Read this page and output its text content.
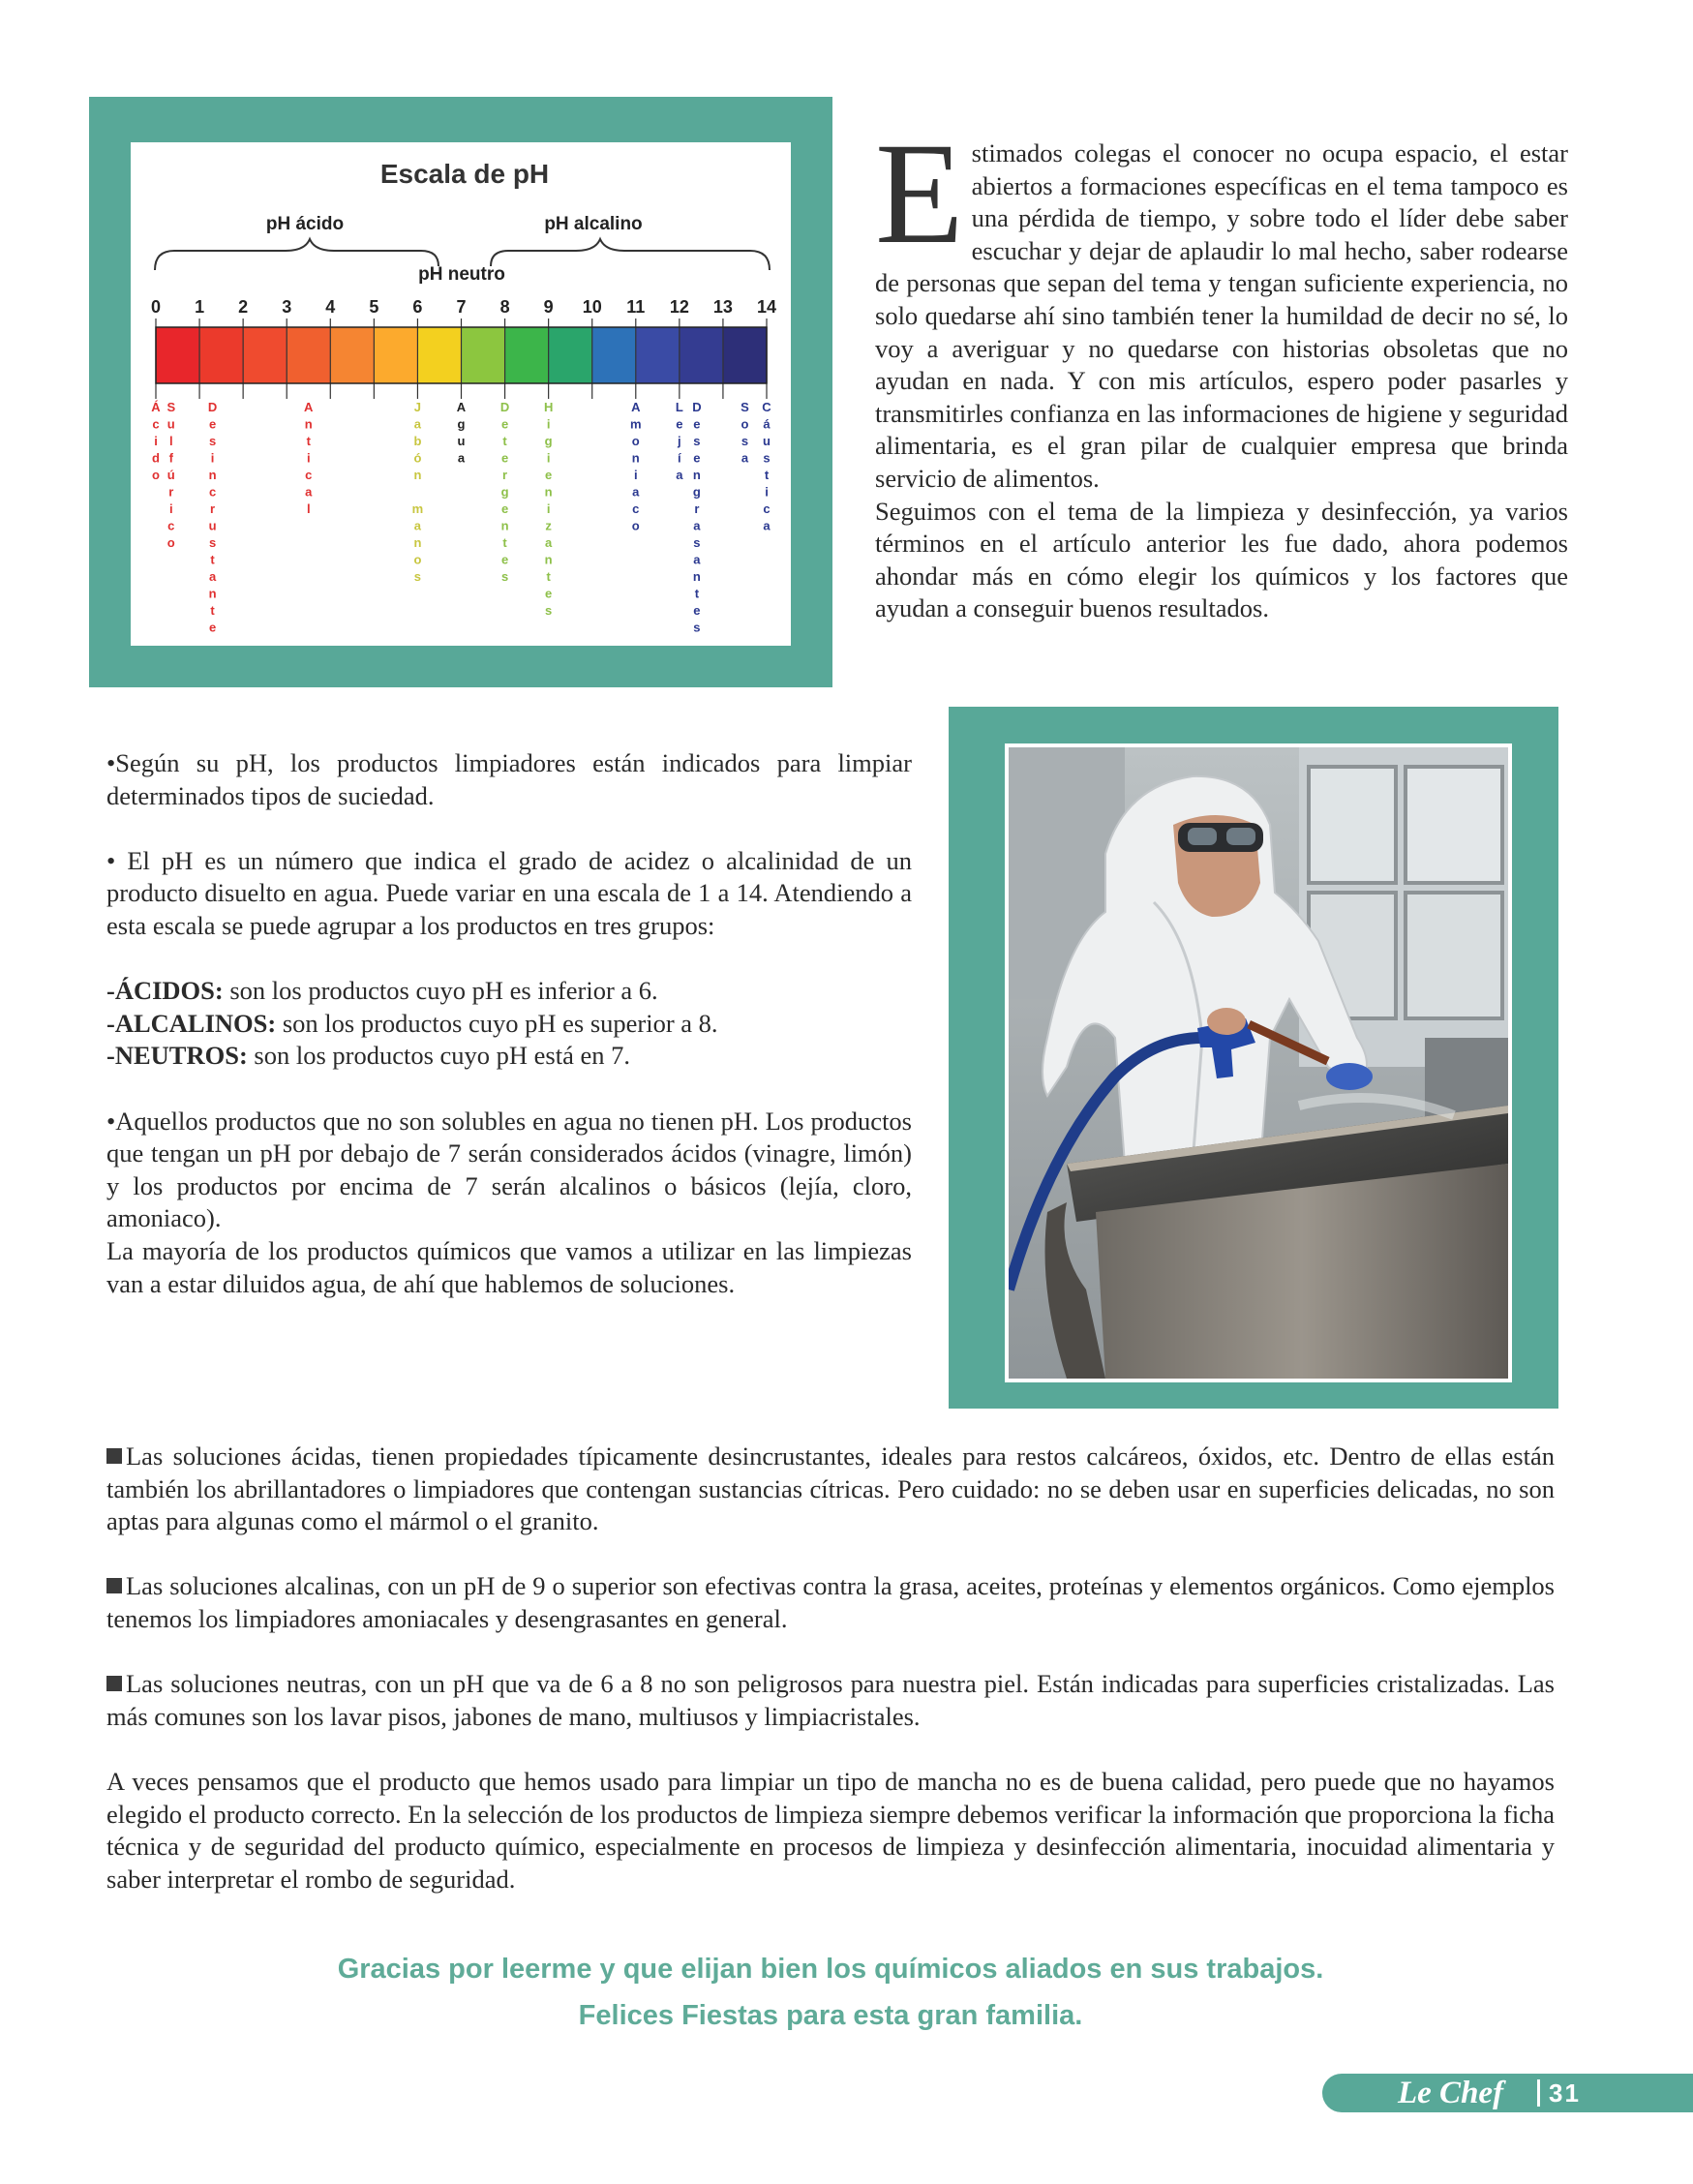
Escala de pH
pH ácido	pH alcalino
pH neutro
0 1 2 3 4 5 6 7 8 9 10 11 12 13 14
Á c i d o
S u l f ú r i c o
D e s i n c r u s t a n t e
A n t i c a l
J a b ó n m a n o s
A g u a
D e t e r g e n t e s
H i g i e n i z a n t e s
A m o n i a c o
L e j í a
D e s e n g r a s a n t e s
S o s a
C á u s t i c a

Estimados colegas el conocer no ocupa espacio, el estar abiertos a formaciones específicas en el tema tampoco es una pérdida de tiempo, y sobre todo el líder debe saber escuchar y dejar de aplaudir lo mal hecho, saber rodearse de personas que sepan del tema y tengan suficiente experiencia, no solo quedarse ahí sino también tener la humildad de decir no sé, lo voy a averiguar y no quedarse con historias obsoletas que no ayudan en nada. Y con mis artículos, espero poder pasarles y transmitirles confianza en las informaciones de higiene y seguridad alimentaria, es el gran pilar de cualquier empresa que brinda servicio de alimentos.

Seguimos con el tema de la limpieza y desinfección, ya varios términos en el artículo anterior les fue dado, ahora podemos ahondar más en cómo elegir los químicos y los factores que ayudan a conseguir buenos resultados.

•Según su pH, los productos limpiadores están indicados para limpiar determinados tipos de suciedad.

• El pH es un número que indica el grado de acidez o alcalinidad de un producto disuelto en agua. Puede variar en una escala de 1 a 14. Atendiendo a esta escala se puede agrupar a los productos en tres grupos:

-ÁCIDOS: son los productos cuyo pH es inferior a 6.

-ALCALINOS: son los productos cuyo pH es superior a 8.

-NEUTROS: son los productos cuyo pH está en 7.

•Aquellos productos que no son solubles en agua no tienen pH. Los productos que tengan un pH por debajo de 7 serán considerados ácidos (vinagre, limón) y los productos por encima de 7 serán alcalinos o básicos (lejía, cloro, amoniaco).

La mayoría de los productos químicos que vamos a utilizar en las limpiezas van a estar diluidos agua, de ahí que hablemos de soluciones.

Las soluciones ácidas, tienen propiedades típicamente desincrustantes, ideales para restos calcáreos, óxidos, etc. Dentro de ellas están también los abrillantadores o limpiadores que contengan sustancias cítricas. Pero cuidado: no se deben usar en superficies delicadas, no son aptas para algunas como el mármol o el granito.

Las soluciones alcalinas, con un pH de 9 o superior son efectivas contra la grasa, aceites, proteínas y elementos orgánicos. Como ejemplos tenemos los limpiadores amoniacales y desengrasantes en general.

Las soluciones neutras, con un pH que va de 6 a 8 no son peligrosos para nuestra piel. Están indicadas para superficies cristalizadas. Las más comunes son los lavar pisos, jabones de mano, multiusos y limpiacristales.

A veces pensamos que el producto que hemos usado para limpiar un tipo de mancha no es de buena calidad, pero puede que no hayamos elegido el producto correcto. En la selección de los productos de limpieza siempre debemos verificar la información que proporciona la ficha técnica y de seguridad del producto químico, especialmente en procesos de limpieza y desinfección alimentaria, inocuidad alimentaria y saber interpretar el rombo de seguridad.

Gracias por leerme y que elijan bien los químicos aliados en sus trabajos.
Felices Fiestas para esta gran familia.
Le Chef 31
